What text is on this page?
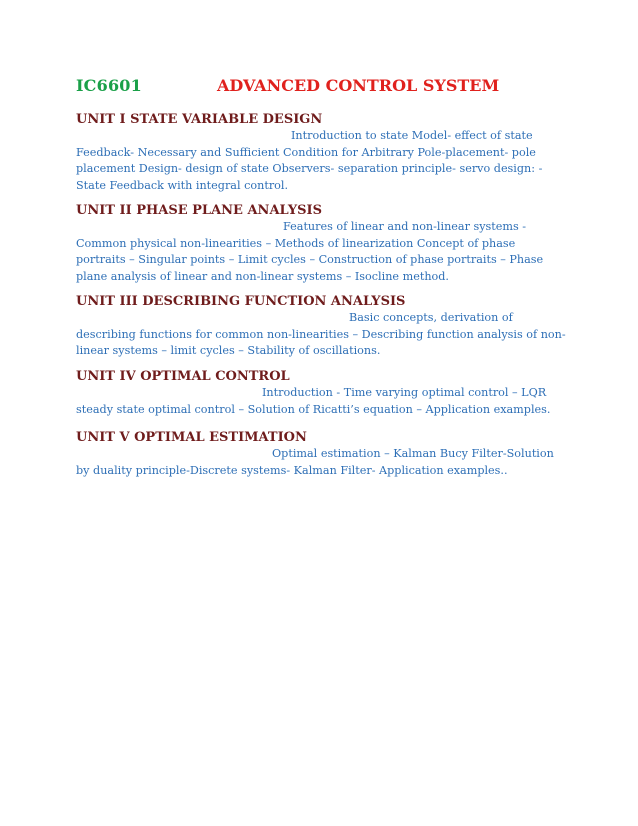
IC6601	ADVANCED CONTROL SYSTEM
UNIT I STATE VARIABLE DESIGN

Introduction to state Model- effect of state Feedback- Necessary and Sufficient Condition for Arbitrary Pole-placement- pole placement Design- design of state Observers- separation principle- servo design: -State Feedback with integral control.

UNIT II PHASE PLANE ANALYSIS

Features of linear and non-linear systems - Common physical non-linearities – Methods of linearization Concept of phase portraits – Singular points – Limit cycles – Construction of phase portraits – Phase plane analysis of linear and non-linear systems – Isocline method.

UNIT III DESCRIBING FUNCTION ANALYSIS

Basic concepts, derivation of describing functions for common non-linearities – Describing function analysis of non-linear systems – limit cycles – Stability of oscillations.

UNIT IV OPTIMAL CONTROL

Introduction - Time varying optimal control – LQR steady state optimal control – Solution of Ricatti’s equation – Application examples.

UNIT V OPTIMAL ESTIMATION

Optimal estimation – Kalman Bucy Filter-Solution by duality principle-Discrete systems- Kalman Filter- Application examples..
